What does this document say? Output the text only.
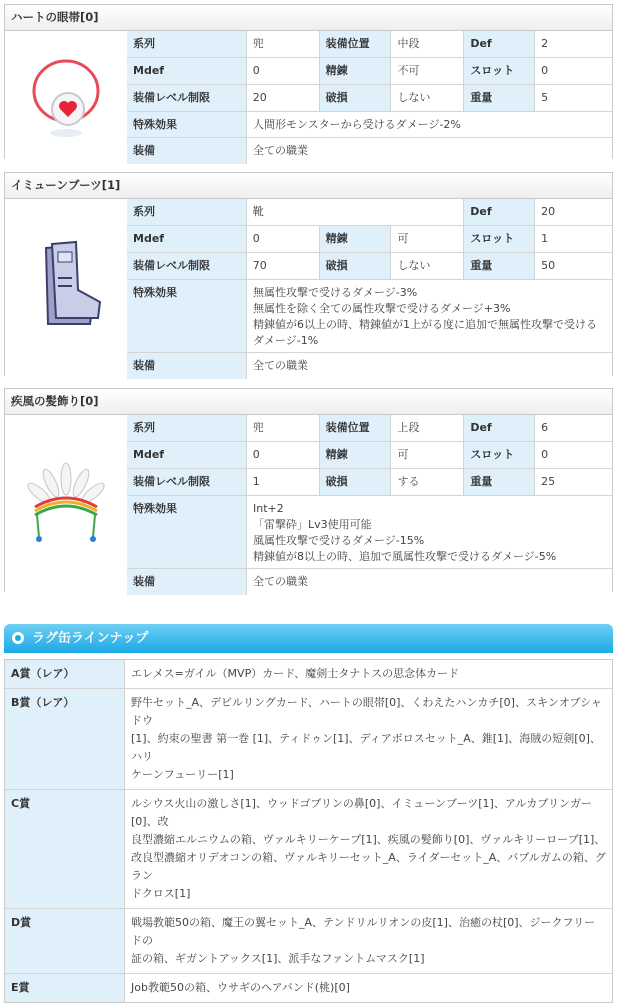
ハートの眼帯[0]
系列	兜	装備位置	中段	Def	2
Mdef	0	精錬	不可	スロット	0
装備レベル制限	20	破損	しない	重量	5
特殊効果	人間形モンスターから受けるダメージ-2%
装備	全ての職業
イミューンブーツ[1]
系列	靴	Def	20
Mdef	0	精錬	可	スロット	1
装備レベル制限	70	破損	しない	重量	50
特殊効果	無属性攻撃で受けるダメージ-3%
無属性を除く全ての属性攻撃で受けるダメージ+3%
精錬値が6以上の時、精錬値が1上がる度に追加で無属性攻撃で受ける
ダメージ-1%
装備	全ての職業
疾風の髪飾り[0]
系列	兜	装備位置	上段	Def	6
Mdef	0	精錬	可	スロット	0
装備レベル制限	1	破損	する	重量	25
特殊効果	Int+2
「雷撃砕」Lv3使用可能
風属性攻撃で受けるダメージ-15%
精錬値が8以上の時、追加で風属性攻撃で受けるダメージ-5%
装備	全ての職業
ラグ缶ラインナップ
A賞（レア）	エレメス=ガイル（MVP）カード、魔剣士タナトスの思念体カード
B賞（レア）	野牛セット_A、デビルリングカード、ハートの眼帯[0]、くわえたハンカチ[0]、スキンオブシャドウ
[1]、約束の聖書 第一巻 [1]、ティドゥン[1]、ディアボロスセット_A、錐[1]、海賊の短剣[0]、ハリ
ケーンフューリー[1]
C賞	ルシウス火山の激しさ[1]、ウッドゴブリンの鼻[0]、イミューンブーツ[1]、アルカブリンガー[0]、改
良型濃縮エルニウムの箱、ヴァルキリーケープ[1]、疾風の髪飾り[0]、ヴァルキリーローブ[1]、
改良型濃縮オリデオコンの箱、ヴァルキリーセット_A、ライダーセット_A、バブルガムの箱、グラン
ドクロス[1]
D賞	戦場教範50の箱、魔王の翼セット_A、テンドリルリオンの皮[1]、治癒の杖[0]、ジークフリードの
証の箱、ギガントアックス[1]、派手なファントムマスク[1]
E賞	Job教範50の箱、ウサギのヘアバンド(桃)[0]
